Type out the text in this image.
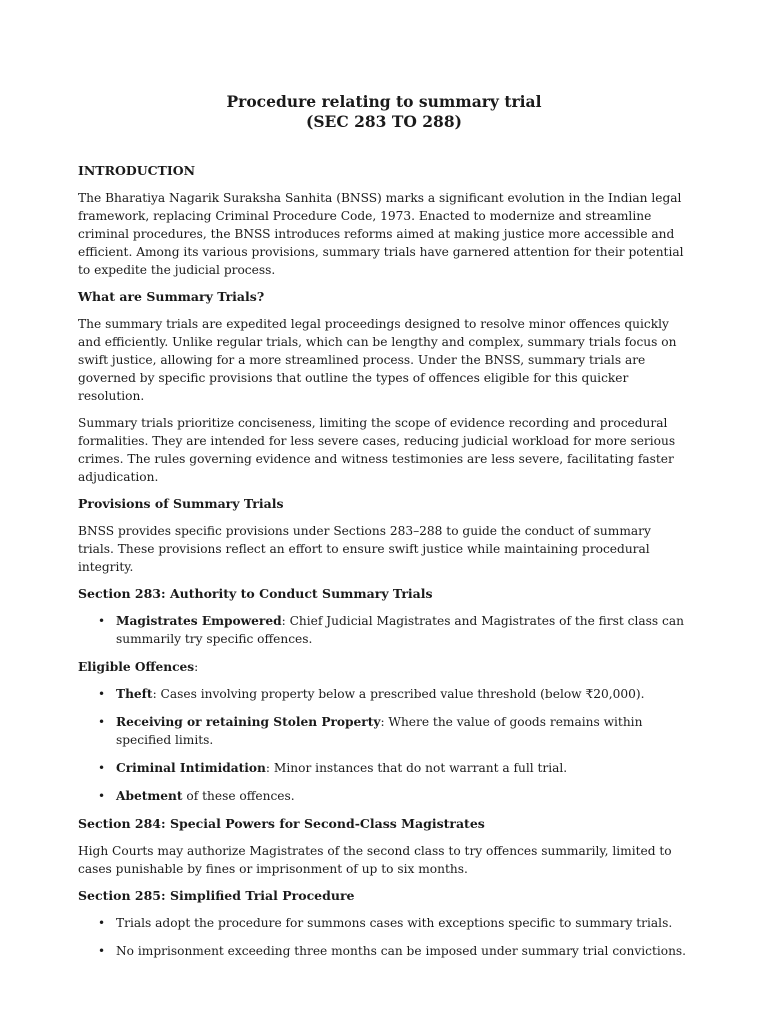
Procedure relating to summary trial
(SEC 283 TO 288)
INTRODUCTION

The Bharatiya Nagarik Suraksha Sanhita (BNSS) marks a significant evolution in the Indian legal framework, replacing Criminal Procedure Code, 1973. Enacted to modernize and streamline criminal procedures, the BNSS introduces reforms aimed at making justice more accessible and efficient. Among its various provisions, summary trials have garnered attention for their potential to expedite the judicial process.

What are Summary Trials?

The summary trials are expedited legal proceedings designed to resolve minor offences quickly and efficiently. Unlike regular trials, which can be lengthy and complex, summary trials focus on swift justice, allowing for a more streamlined process. Under the BNSS, summary trials are governed by specific provisions that outline the types of offences eligible for this quicker resolution.

Summary trials prioritize conciseness, limiting the scope of evidence recording and procedural formalities. They are intended for less severe cases, reducing judicial workload for more serious crimes. The rules governing evidence and witness testimonies are less severe, facilitating faster adjudication.

Provisions of Summary Trials

BNSS provides specific provisions under Sections 283–288 to guide the conduct of summary trials. These provisions reflect an effort to ensure swift justice while maintaining procedural integrity.

Section 283: Authority to Conduct Summary Trials
• Magistrates Empowered: Chief Judicial Magistrates and Magistrates of the first class can summarily try specific offences.

Eligible Offences:

• Theft: Cases involving property below a prescribed value threshold (below ₹20,000).
• Receiving or retaining Stolen Property: Where the value of goods remains within specified limits.
• Criminal Intimidation: Minor instances that do not warrant a full trial.
• Abetment of these offences.
Section 284: Special Powers for Second-Class Magistrates

High Courts may authorize Magistrates of the second class to try offences summarily, limited to cases punishable by fines or imprisonment of up to six months.

Section 285: Simplified Trial Procedure
• Trials adopt the procedure for summons cases with exceptions specific to summary trials.
• No imprisonment exceeding three months can be imposed under summary trial convictions.
